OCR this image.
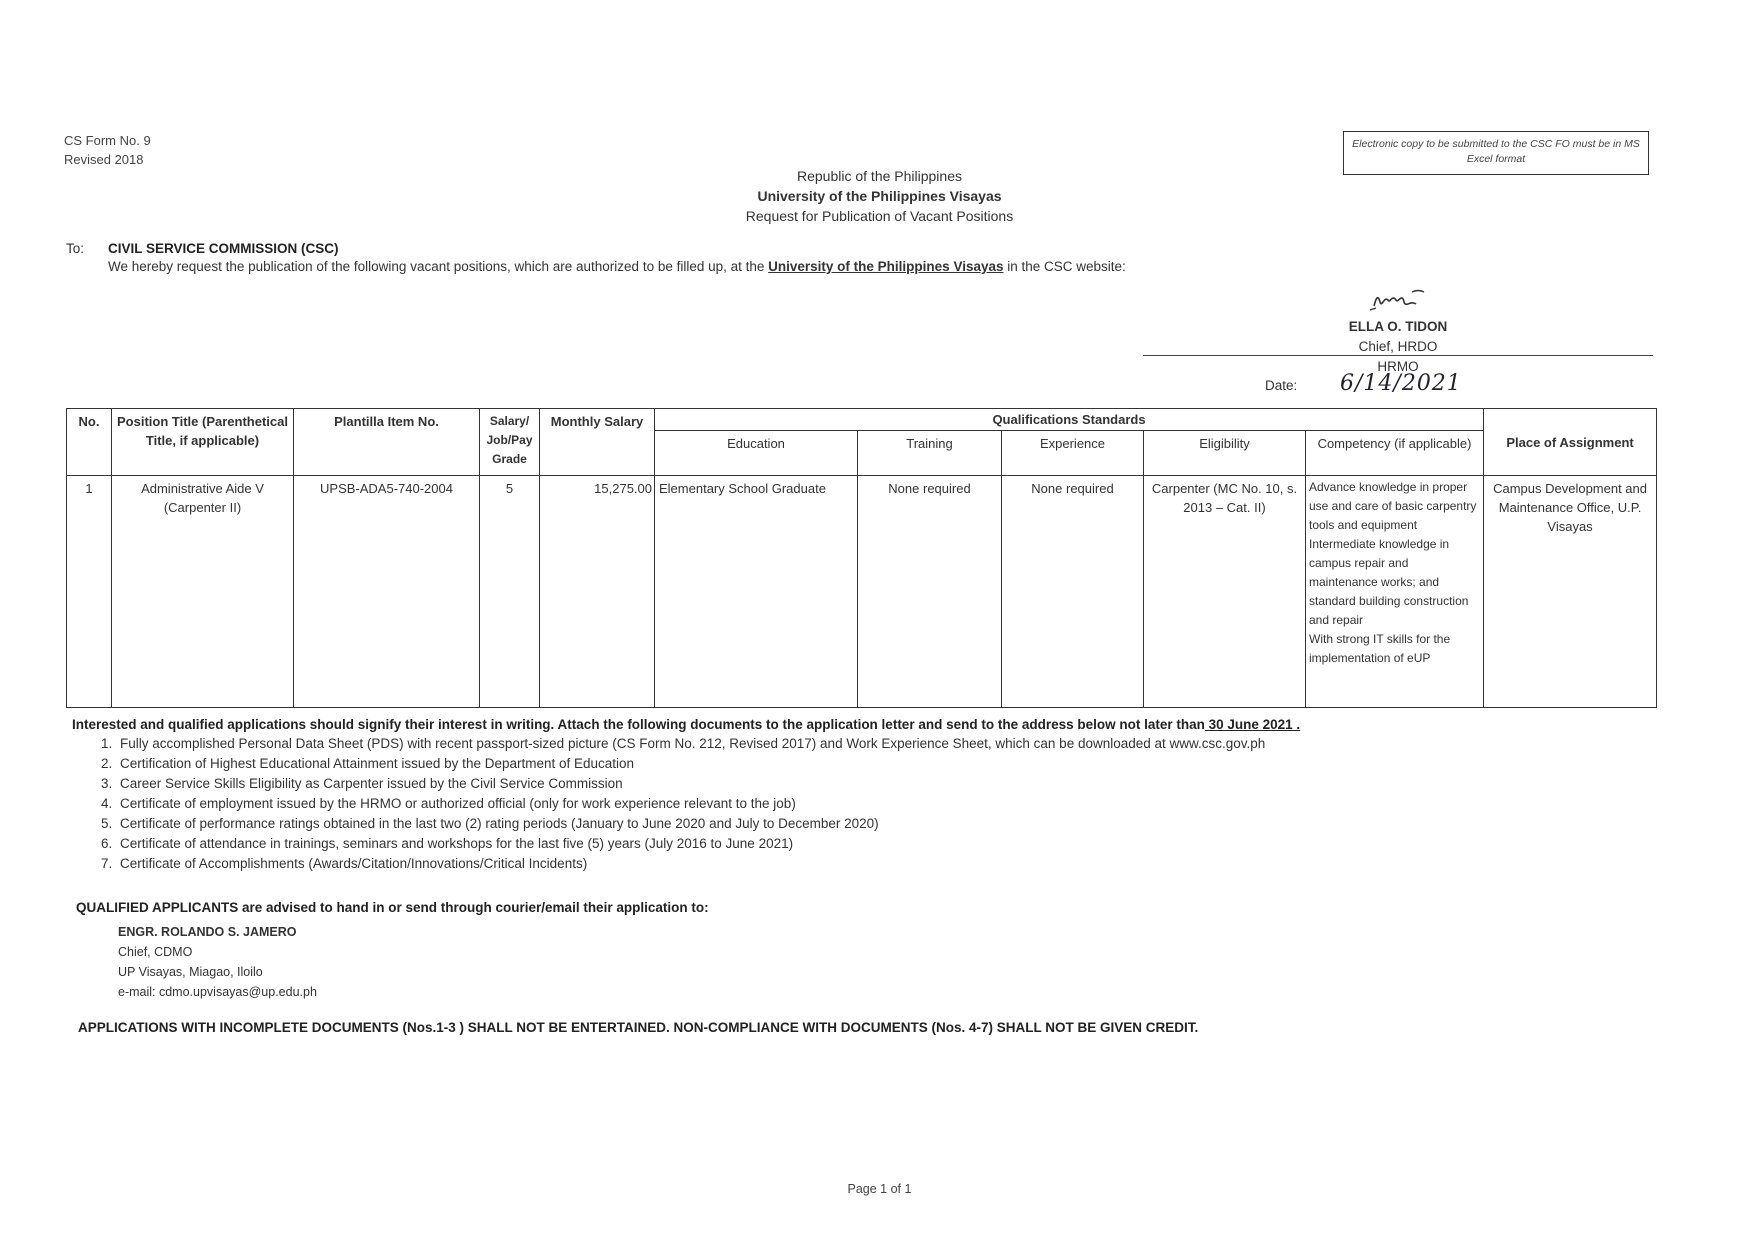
CS Form No. 9
Revised 2018
Electronic copy to be submitted to the CSC FO must be in MS Excel format
Republic of the Philippines
University of the Philippines Visayas
Request for Publication of Vacant Positions
To: CIVIL SERVICE COMMISSION (CSC)
We hereby request the publication of the following vacant positions, which are authorized to be filled up, at the University of the Philippines Visayas in the CSC website:
ELLA O. TIDON
Chief, HRDO
HRMO
Date: 6/14/2021
No.	Position Title (Parenthetical Title, if applicable)	Plantilla Item No.	Salary/ Job/Pay Grade	Monthly Salary	Qualifications Standards					Place of Assignment
					Education	Training	Experience	Eligibility	Competency (if applicable)	
1	Administrative Aide V (Carpenter II)	UPSB-ADA5-740-2004	5	15,275.00	Elementary School Graduate	None required	None required	Carpenter (MC No. 10, s. 2013 – Cat. II)	Advance knowledge in proper use and care of basic carpentry tools and equipment
Intermediate knowledge in campus repair and maintenance works; and standard building construction and repair
With strong IT skills for the implementation of eUP	Campus Development and Maintenance Office, U.P. Visayas
Interested and qualified applications should signify their interest in writing. Attach the following documents to the application letter and send to the address below not later than 30 June 2021 .
1. Fully accomplished Personal Data Sheet (PDS) with recent passport-sized picture (CS Form No. 212, Revised 2017) and Work Experience Sheet, which can be downloaded at www.csc.gov.ph
2. Certification of Highest Educational Attainment issued by the Department of Education
3. Career Service Skills Eligibility as Carpenter issued by the Civil Service Commission
4. Certificate of employment issued by the HRMO or authorized official (only for work experience relevant to the job)
5. Certificate of performance ratings obtained in the last two (2) rating periods (January to June 2020 and July to December 2020)
6. Certificate of attendance in trainings, seminars and workshops for the last five (5) years (July 2016 to June 2021)
7. Certificate of Accomplishments (Awards/Citation/Innovations/Critical Incidents)
QUALIFIED APPLICANTS are advised to hand in or send through courier/email their application to:
ENGR. ROLANDO S. JAMERO
Chief, CDMO
UP Visayas, Miagao, Iloilo
e-mail: cdmo.upvisayas@up.edu.ph
APPLICATIONS WITH INCOMPLETE DOCUMENTS (Nos.1-3 ) SHALL NOT BE ENTERTAINED. NON-COMPLIANCE WITH DOCUMENTS (Nos. 4-7) SHALL NOT BE GIVEN CREDIT.
Page 1 of 1
